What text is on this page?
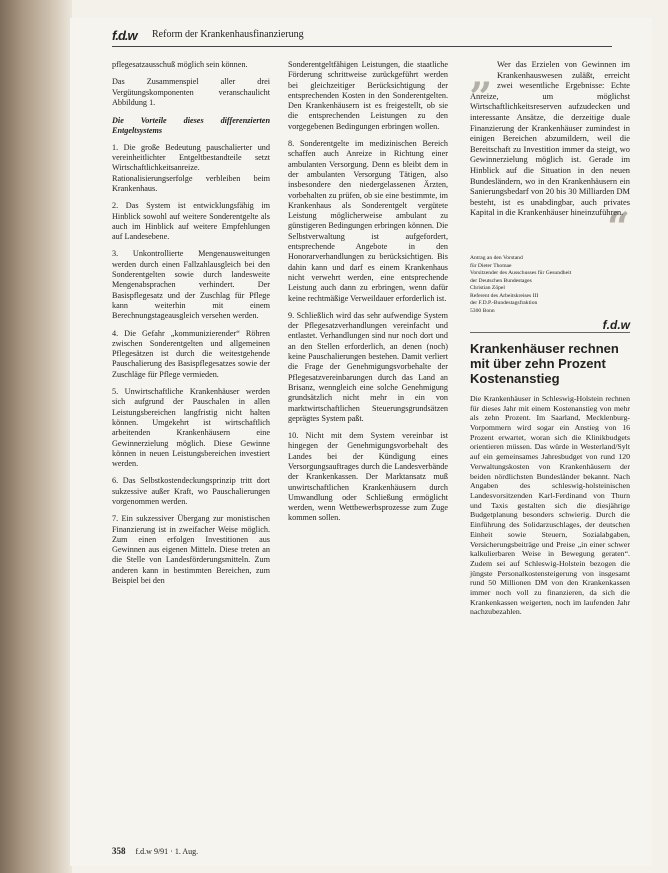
f.d.w Reform der Krankenhausfinanzierung

pflegesatzausschuß möglich sein können.

Das Zusammenspiel aller drei Vergütungskomponenten veranschaulicht Abbildung 1.

Die Vorteile dieses differenzierten Entgeltsystems

1. Die große Bedeutung pauschalierter und vereinheitlichter Entgeltbestandteile setzt Wirtschaftlichkeitsanreize. Rationalisierungserfolge verbleiben beim Krankenhaus.

2. Das System ist entwicklungsfähig im Hinblick sowohl auf weitere Sonderentgelte als auch im Hinblick auf weitere Empfehlungen auf Landesebene.

3. Unkontrollierte Mengenausweitungen werden durch einen Fallzahlausgleich bei den Sonderentgelten sowie durch landesweite Mengenabsprachen verhindert. Der Basispflegesatz und der Zuschlag für Pflege kann weiterhin mit einem Berechnungstageausgleich versehen werden.

4. Die Gefahr „kommunizierender“ Röhren zwischen Sonderentgelten und allgemeinen Pflegesätzen ist durch die weitestgehende Pauschalierung des Basispflegesatzes sowie der Zuschläge für Pflege vermieden.

5. Unwirtschaftliche Krankenhäuser werden sich aufgrund der Pauschalen in allen Leistungsbereichen langfristig nicht halten können. Umgekehrt ist wirtschaftlich arbeitenden Krankenhäusern eine Gewinnerzielung möglich. Diese Gewinne können in neuen Leistungsbereichen investiert werden.

6. Das Selbstkostendeckungsprinzip tritt dort sukzessive außer Kraft, wo Pauschalierungen vorgenommen werden.

7. Ein sukzessiver Übergang zur monistischen Finanzierung ist in zweifacher Weise möglich. Zum einen erfolgen Investitionen aus Gewinnen aus eigenen Mitteln. Diese treten an die Stelle von Landesförderungsmitteln. Zum anderen kann in bestimmten Bereichen, zum Beispiel bei den

Sonderentgeltfähigen Leistungen, die staatliche Förderung schrittweise zurückgeführt werden bei gleichzeitiger Berücksichtigung der entsprechenden Kosten in den Sonderentgelten. Den Krankenhäusern ist es freigestellt, ob sie die entsprechenden Leistungen zu den vorgegebenen Bedingungen erbringen wollen.

8. Sonderentgelte im medizinischen Bereich schaffen auch Anreize in Richtung einer ambulanten Versorgung. Denn es bleibt dem in der ambulanten Versorgung Tätigen, also insbesondere den niedergelassenen Ärzten, vorbehalten zu prüfen, ob sie eine bestimmte, im Krankenhaus als Sonderentgelt vergütete Leistung möglicherweise ambulant zu günstigeren Bedingungen erbringen können. Die Selbstverwaltung ist aufgefordert, entsprechende Angebote in den Honorarverhandlungen zu berücksichtigen. Bis dahin kann und darf es einem Krankenhaus nicht verwehrt werden, eine entsprechende Leistung auch dann zu erbringen, wenn dafür keine rechtmäßige Verweildauer erforderlich ist.

9. Schließlich wird das sehr aufwendige System der Pflegesatzverhandlungen vereinfacht und entlastet. Verhandlungen sind nur noch dort und an den Stellen erforderlich, an denen (noch) keine Pauschalierungen bestehen. Damit verliert die Frage der Genehmigungsvorbehalte der Pflegesatzvereinbarungen durch das Land an Brisanz, wenngleich eine solche Genehmigung grundsätzlich nicht mehr in ein von marktwirtschaftlichen Steuerungsgrundsätzen geprägtes System paßt.

10. Nicht mit dem System vereinbar ist hingegen der Genehmigungsvorbehalt des Landes bei der Kündigung eines Versorgungsauftrages durch die Landesverbände der Krankenkassen. Der Marktansatz muß unwirtschaftlichen Krankenhäusern durch Umwandlung oder Schließung ermöglicht werden, wenn Wettbewerbsprozesse zum Zuge kommen sollen.

„ Wer das Erzielen von Gewinnen im Krankenhauswesen zuläßt, erreicht zwei wesentliche Ergebnisse: Echte Anreize, um möglichst Wirtschaftlichkeitsreserven aufzudecken und interessante Ansätze, die derzeitige duale Finanzierung der Krankenhäuser zumindest in einigen Bereichen abzumildern, weil die Bereitschaft zu Investition immer da steigt, wo Gewinnerzielung möglich ist. Gerade im Hinblick auf die Situation in den neuen Bundesländern, wo in den Krankenhäusern ein Sanierungsbedarf von 20 bis 30 Milliarden DM besteht, ist es unabdingbar, auch privates Kapital in die Krankenhäuser hineinzuführen.
“
Antrag an den Vorstand
für Dieter Thomae
Vorsitzender des Ausschusses für Gesundheit
der Deutschen Bundestages
Christian Zöpel
Referent des Arbeitskreises III
der F.D.P.-Bundestagsfraktion
5300 Bonn
f.d.w
Krankenhäuser rechnen mit über zehn Prozent Kostenanstieg
Die Krankenhäuser in Schleswig-Holstein rechnen für dieses Jahr mit einem Kostenanstieg von mehr als zehn Prozent. Im Saarland, Mecklenburg-Vorpommern wird sogar ein Anstieg von 16 Prozent erwartet, woran sich die Klinikbudgets orientieren müssen. Das würde in Westerland/Sylt auf ein gemeinsames Jahresbudget von rund 120 Verwaltungskosten von Krankenhäusern der beiden nördlichsten Bundesländer bekannt. Nach Angaben des schleswig-holsteinischen Landesvorsitzenden Karl-Ferdinand von Thurn und Taxis gestalten sich die diesjährige Budgetplanung besonders schwierig. Durch die Einführung des Solidarzuschlages, der deutschen Einheit sowie Steuern, Sozialabgaben, Versicherungsbeiträge und Preise „in einer schwer kalkulierbaren Weise in Bewegung geraten“. Zudem sei auf Schleswig-Holstein bezogen die jüngste Personalkostensteigerung von insgesamt rund 50 Millionen DM von den Krankenkassen immer noch voll zu finanzieren, da sich die Krankenkassen weigerten, noch im laufenden Jahr nachzubezahlen.
358 f.d.w 9/91 · 1. Aug.
